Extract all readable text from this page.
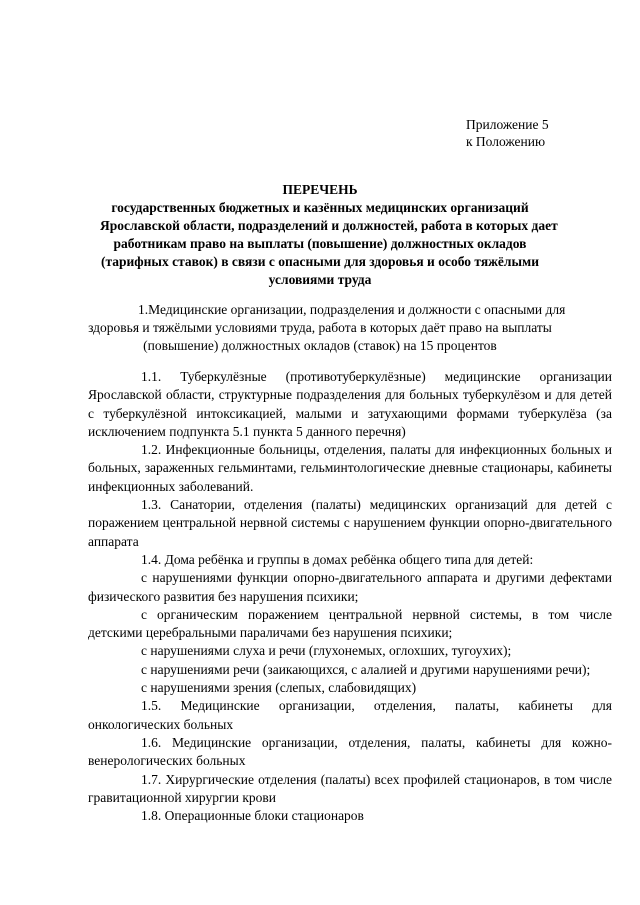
Приложение 5
к Положению
ПЕРЕЧЕНЬ
государственных бюджетных и казённых медицинских организаций
Ярославской области, подразделений и должностей, работа в которых дает
работникам право на выплаты (повышение) должностных окладов
(тарифных ставок) в связи с опасными для здоровья и особо тяжёлыми
условиями труда
1.Медицинские организации, подразделения и должности с опасными для
здоровья и тяжёлыми условиями труда, работа в которых даёт право на выплаты
(повышение) должностных окладов (ставок) на 15 процентов

1.1. Туберкулёзные (противотуберкулёзные) медицинские организации Ярославской области, структурные подразделения для больных туберкулёзом и для детей с туберкулёзной интоксикацией, малыми и затухающими формами туберкулёза (за исключением подпункта 5.1 пункта 5 данного перечня)

1.2. Инфекционные больницы, отделения, палаты для инфекционных больных и больных, зараженных гельминтами, гельминтологические дневные стационары, кабинеты инфекционных заболеваний.

1.3. Санатории, отделения (палаты) медицинских организаций для детей с поражением центральной нервной системы с нарушением функции опорно-двигательного аппарата

1.4. Дома ребёнка и группы в домах ребёнка общего типа для детей:

с нарушениями функции опорно-двигательного аппарата и другими дефектами физического развития без нарушения психики;

с органическим поражением центральной нервной системы, в том числе детскими церебральными параличами без нарушения психики;

с нарушениями слуха и речи (глухонемых, оглохших, тугоухих);

с нарушениями речи (заикающихся, с алалией и другими нарушениями речи);

с нарушениями зрения (слепых, слабовидящих)

1.5. Медицинские организации, отделения, палаты, кабинеты для онкологических больных

1.6. Медицинские организации, отделения, палаты, кабинеты для кожно-венерологических больных

1.7. Хирургические отделения (палаты) всех профилей стационаров, в том числе гравитационной хирургии крови

1.8. Операционные блоки стационаров
